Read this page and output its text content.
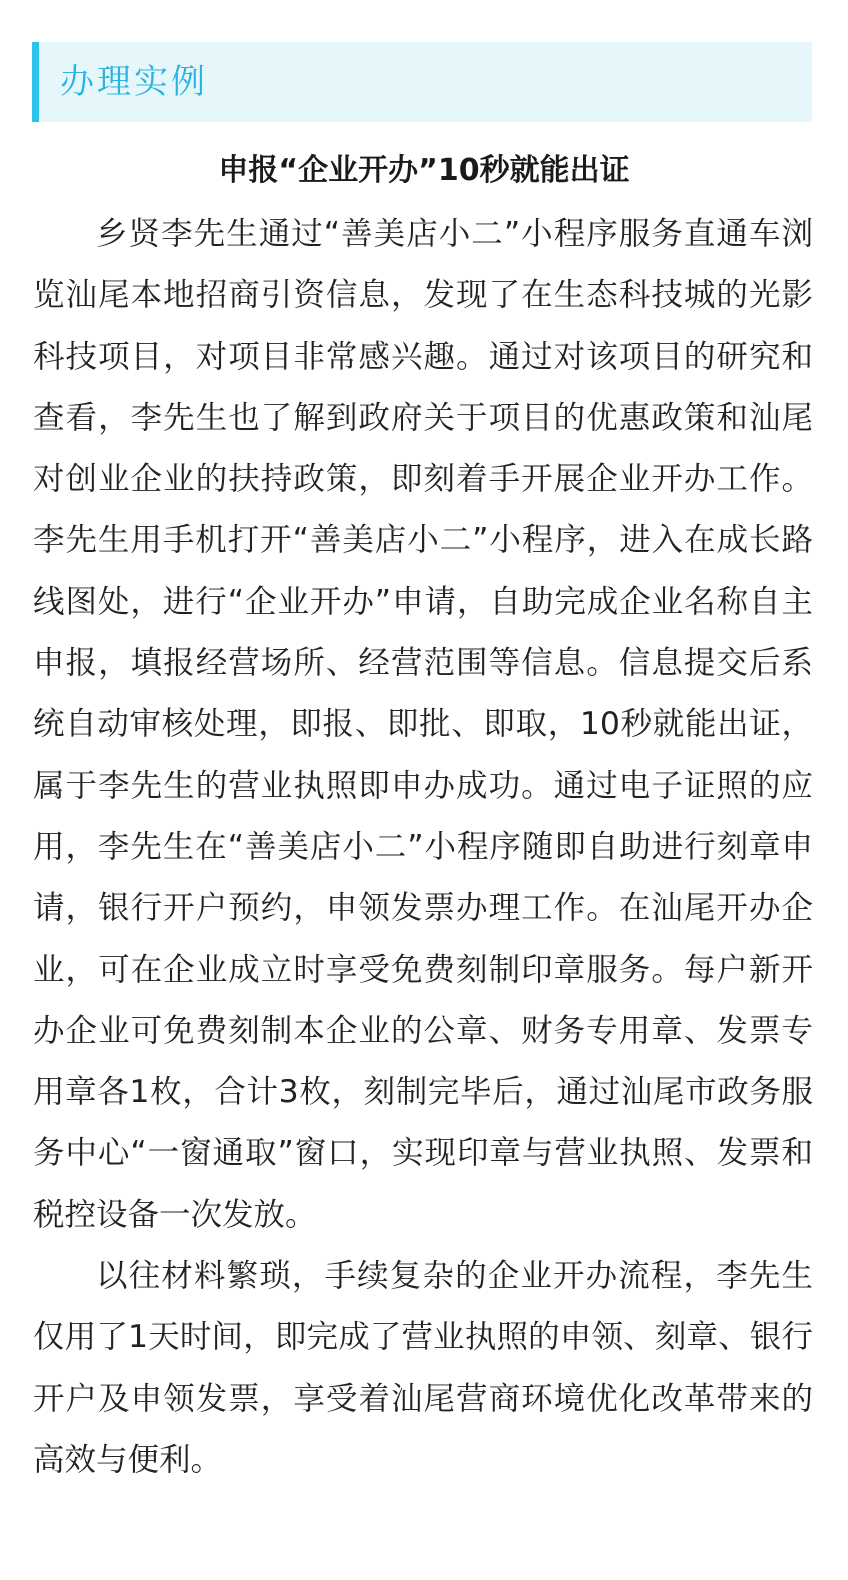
办理实例
申报“企业开办”10秒就能出证

乡贤李先生通过“善美店小二”小程序服务直通车浏览汕尾本地招商引资信息，发现了在生态科技城的光影科技项目，对项目非常感兴趣。通过对该项目的研究和查看，李先生也了解到政府关于项目的优惠政策和汕尾对创业企业的扶持政策，即刻着手开展企业开办工作。李先生用手机打开“善美店小二”小程序，进入在成长路线图处，进行“企业开办”申请，自助完成企业名称自主申报，填报经营场所、经营范围等信息。信息提交后系统自动审核处理，即报、即批、即取，10秒就能出证，属于李先生的营业执照即申办成功。通过电子证照的应用，李先生在“善美店小二”小程序随即自助进行刻章申请，银行开户预约，申领发票办理工作。在汕尾开办企业，可在企业成立时享受免费刻制印章服务。每户新开办企业可免费刻制本企业的公章、财务专用章、发票专用章各1枚，合计3枚，刻制完毕后，通过汕尾市政务服务中心“一窗通取”窗口，实现印章与营业执照、发票和税控设备一次发放。

以往材料繁琐，手续复杂的企业开办流程，李先生仅用了1天时间，即完成了营业执照的申领、刻章、银行开户及申领发票，享受着汕尾营商环境优化改革带来的高效与便利。
